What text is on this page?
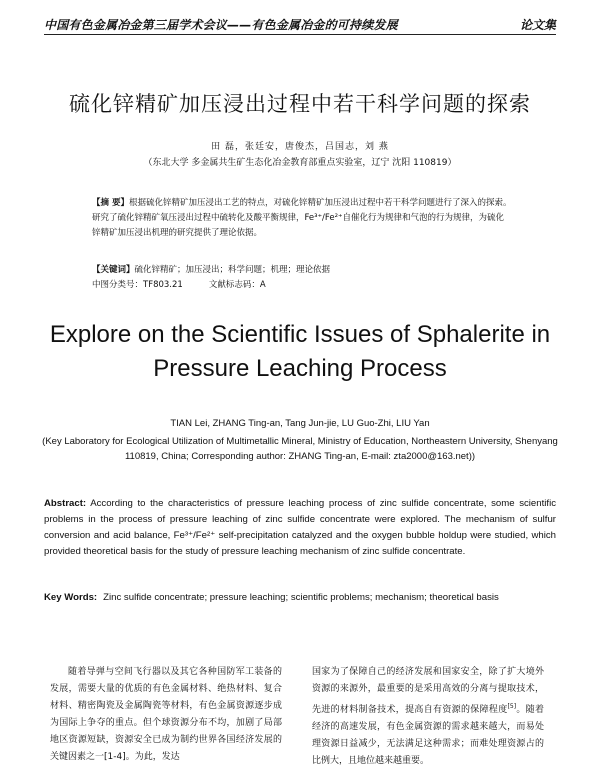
中国有色金属冶金第三届学术会议——有色金属冶金的可持续发展	论文集
硫化锌精矿加压浸出过程中若干科学问题的探索
田 磊，张廷安，唐俊杰，吕国志，刘 燕
（东北大学 多金属共生矿生态化冶金教育部重点实验室，辽宁 沈阳 110819）

【摘 要】根据硫化锌精矿加压浸出工艺的特点，对硫化锌精矿加压浸出过程中若干科学问题进行了深入的探索。研究了硫化锌精矿氧压浸出过程中硫转化及酸平衡规律，Fe³⁺/Fe²⁺自催化行为规律和气泡的行为规律，为硫化锌精矿加压浸出机理的研究提供了理论依据。

【关键词】硫化锌精矿；加压浸出；科学问题；机理；理论依据
中图分类号：TF803.21	文献标志码：A
Explore on the Scientific Issues of Sphalerite in
Pressure Leaching Process
TIAN Lei, ZHANG Ting-an, Tang Jun-jie, LU Guo-Zhi, LIU Yan
(Key Laboratory for Ecological Utilization of Multimetallic Mineral, Ministry of Education, Northeastern University, Shenyang 110819, China; Corresponding author: ZHANG Ting-an, E-mail: zta2000@163.net))

Abstract: According to the characteristics of pressure leaching process of zinc sulfide concentrate, some scientific problems in the process of pressure leaching of zinc sulfide concentrate were explored. The mechanism of sulfur conversion and acid balance, Fe³⁺/Fe²⁺ self-precipitation catalyzed and the oxygen bubble holdup were studied, which provided theoretical basis for the study of pressure leaching mechanism of zinc sulfide concentrate.

Key Words: Zinc sulfide concentrate; pressure leaching; scientific problems; mechanism; theoretical basis

随着导弹与空间飞行器以及其它各种国防军工装备的发展，需要大量的优质的有色金属材料、绝热材料、复合材料、精密陶瓷及金属陶瓷等材料，有色金属资源逐步成为国际上争夺的重点。但个球资源分布不均，加剧了局部地区资源短缺，资源安全已成为制约世界各国经济发展的关键因素之一[1-4]。为此，发达

国家为了保障自己的经济发展和国家安全，除了扩大境外资源的来源外，最重要的是采用高效的分离与提取技术，先进的材料制备技术，提高自有资源的保障程度[5]。随着经济的高速发展，有色金属资源的需求越来越大，而易处理资源日益减少，无法满足这种需求；而难处理资源占的比例大，且地位越来越重要。
